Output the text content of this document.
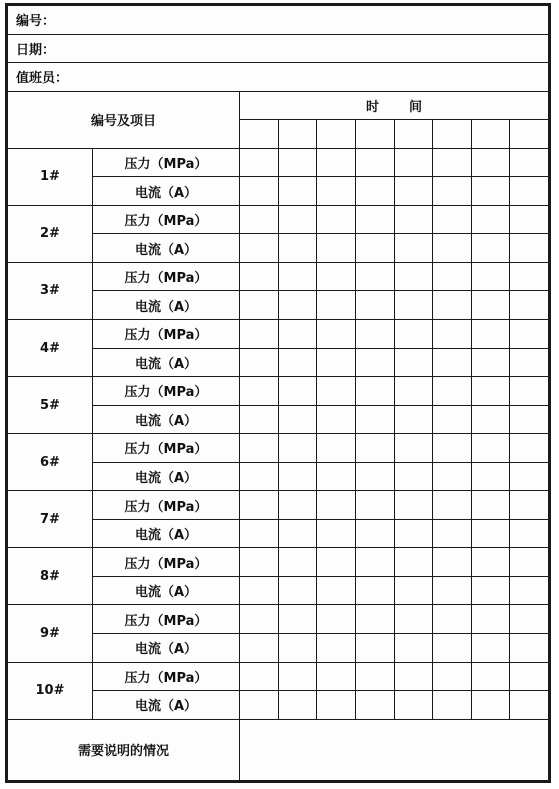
编号：									
日期：									
值班员：									
编号及项目		时 间							

1#	压力（MPa）								
	电流（A）								
2#	压力（MPa）								
	电流（A）								
3#	压力（MPa）								
	电流（A）								
4#	压力（MPa）								
	电流（A）								
5#	压力（MPa）								
	电流（A）								
6#	压力（MPa）								
	电流（A）								
7#	压力（MPa）								
	电流（A）								
8#	压力（MPa）								
	电流（A）								
9#	压力（MPa）								
	电流（A）								
10#	压力（MPa）								
	电流（A）								
需要说明的情况									
